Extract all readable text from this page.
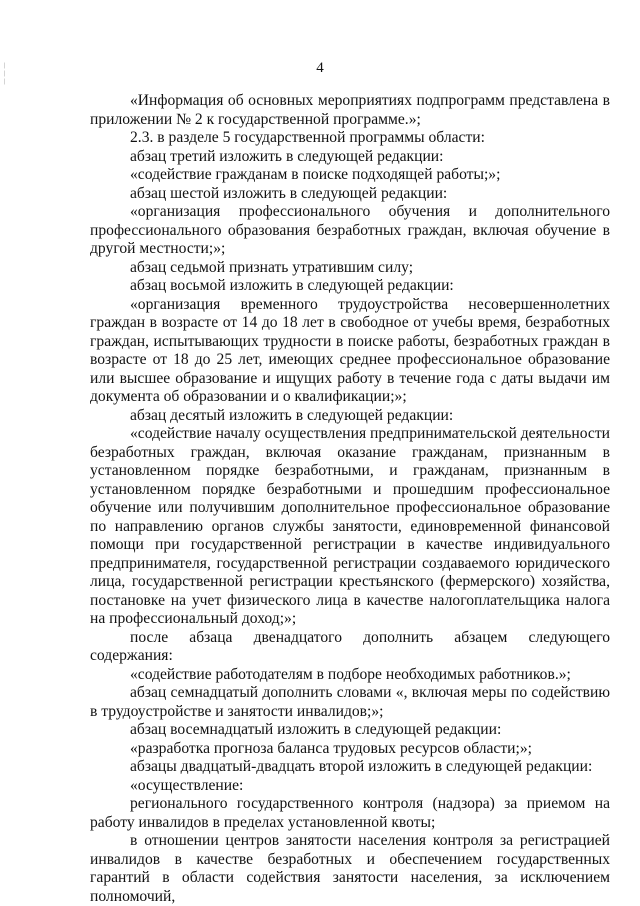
4
|
|
|

«Информация об основных мероприятиях подпрограмм представлена в приложении № 2 к государственной программе.»;

2.3. в разделе 5 государственной программы области:

абзац третий изложить в следующей редакции:

«содействие гражданам в поиске подходящей работы;»;

абзац шестой изложить в следующей редакции:

«организация профессионального обучения и дополнительного профессионального образования безработных граждан, включая обучение в другой местности;»;

абзац седьмой признать утратившим силу;

абзац восьмой изложить в следующей редакции:

«организация временного трудоустройства несовершеннолетних граждан в возрасте от 14 до 18 лет в свободное от учебы время, безработных граждан, испытывающих трудности в поиске работы, безработных граждан в возрасте от 18 до 25 лет, имеющих среднее профессиональное образование или высшее образование и ищущих работу в течение года с даты выдачи им документа об образовании и о квалификации;»;

абзац десятый изложить в следующей редакции:

«содействие началу осуществления предпринимательской деятельности безработных граждан, включая оказание гражданам, признанным в установленном порядке безработными, и гражданам, признанным в установленном порядке безработными и прошедшим профессиональное обучение или получившим дополнительное профессиональное образование по направлению органов службы занятости, единовременной финансовой помощи при государственной регистрации в качестве индивидуального предпринимателя, государственной регистрации создаваемого юридического лица, государственной регистрации крестьянского (фермерского) хозяйства, постановке на учет физического лица в качестве налогоплательщика налога на профессиональный доход;»;

после абзаца двенадцатого дополнить абзацем следующего содержания:

«содействие работодателям в подборе необходимых работников.»;

абзац семнадцатый дополнить словами «, включая меры по содействию в трудоустройстве и занятости инвалидов;»;

абзац восемнадцатый изложить в следующей редакции:

«разработка прогноза баланса трудовых ресурсов области;»;

абзацы двадцатый-двадцать второй изложить в следующей редакции:

«осуществление:

регионального государственного контроля (надзора) за приемом на работу инвалидов в пределах установленной квоты;

в отношении центров занятости населения контроля за регистрацией инвалидов в качестве безработных и обеспечением государственных гарантий в области содействия занятости населения, за исключением полномочий,
